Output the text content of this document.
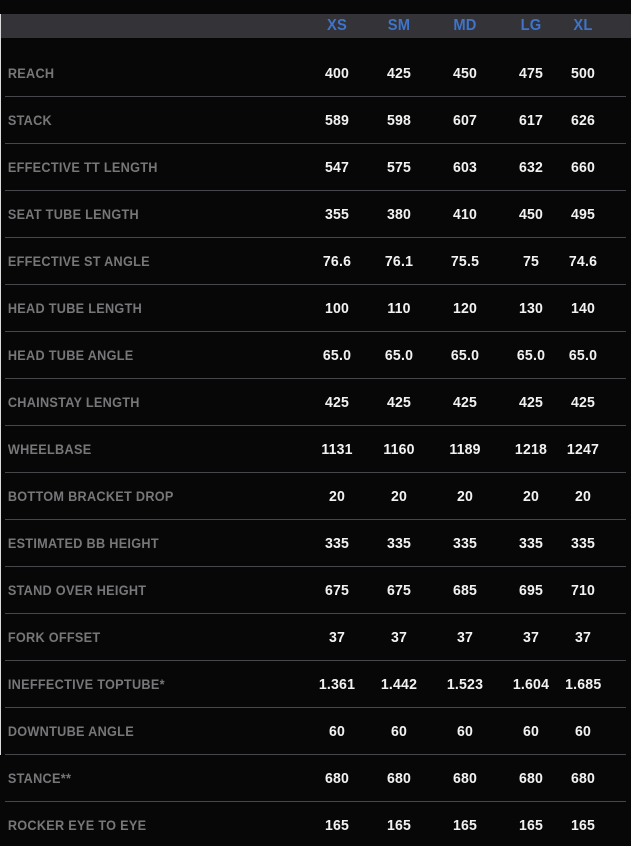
XS	SM	MD	LG	XL
REACH	400	425	450	475	500
STACK	589	598	607	617	626
EFFECTIVE TT LENGTH	547	575	603	632	660
SEAT TUBE LENGTH	355	380	410	450	495
EFFECTIVE ST ANGLE	76.6	76.1	75.5	75	74.6
HEAD TUBE LENGTH	100	110	120	130	140
HEAD TUBE ANGLE	65.0	65.0	65.0	65.0	65.0
CHAINSTAY LENGTH	425	425	425	425	425
WHEELBASE	1131	1160	1189	1218	1247
BOTTOM BRACKET DROP	20	20	20	20	20
ESTIMATED BB HEIGHT	335	335	335	335	335
STAND OVER HEIGHT	675	675	685	695	710
FORK OFFSET	37	37	37	37	37
INEFFECTIVE TOPTUBE*	1.361	1.442	1.523	1.604	1.685
DOWNTUBE ANGLE	60	60	60	60	60
STANCE**	680	680	680	680	680
ROCKER EYE TO EYE	165	165	165	165	165
